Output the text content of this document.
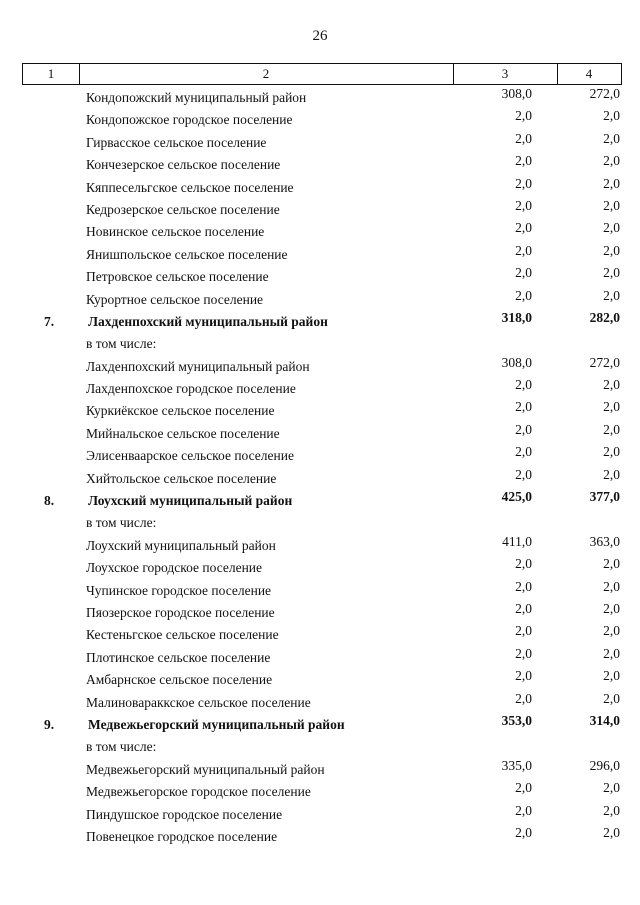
26
1	2	3	4
Кондопожский муниципальный район	308,0	272,0
Кондопожское городское поселение	2,0	2,0
Гирвасское сельское поселение	2,0	2,0
Кончезерское сельское поселение	2,0	2,0
Кяппесельгское сельское поселение	2,0	2,0
Кедрозерское сельское поселение	2,0	2,0
Новинское сельское поселение	2,0	2,0
Янишпольское сельское поселение	2,0	2,0
Петровское сельское поселение	2,0	2,0
Курортное сельское поселение	2,0	2,0
7.	Лахденпохский муниципальный район	318,0	282,0
в том числе:
Лахденпохский муниципальный район	308,0	272,0
Лахденпохское городское поселение	2,0	2,0
Куркиёкское сельское поселение	2,0	2,0
Мийнальское сельское поселение	2,0	2,0
Элисенваарское сельское поселение	2,0	2,0
Хийтольское сельское поселение	2,0	2,0
8.	Лоухский муниципальный район	425,0	377,0
в том числе:
Лоухский муниципальный район	411,0	363,0
Лоухское городское поселение	2,0	2,0
Чупинское городское поселение	2,0	2,0
Пяозерское городское поселение	2,0	2,0
Кестеньгское сельское поселение	2,0	2,0
Плотинское сельское поселение	2,0	2,0
Амбарнское сельское поселение	2,0	2,0
Малиновараккское сельское поселение	2,0	2,0
9.	Медвежьегорский муниципальный район	353,0	314,0
в том числе:
Медвежьегорский муниципальный район	335,0	296,0
Медвежьегорское городское поселение	2,0	2,0
Пиндушское городское поселение	2,0	2,0
Повенецкое городское поселение	2,0	2,0
